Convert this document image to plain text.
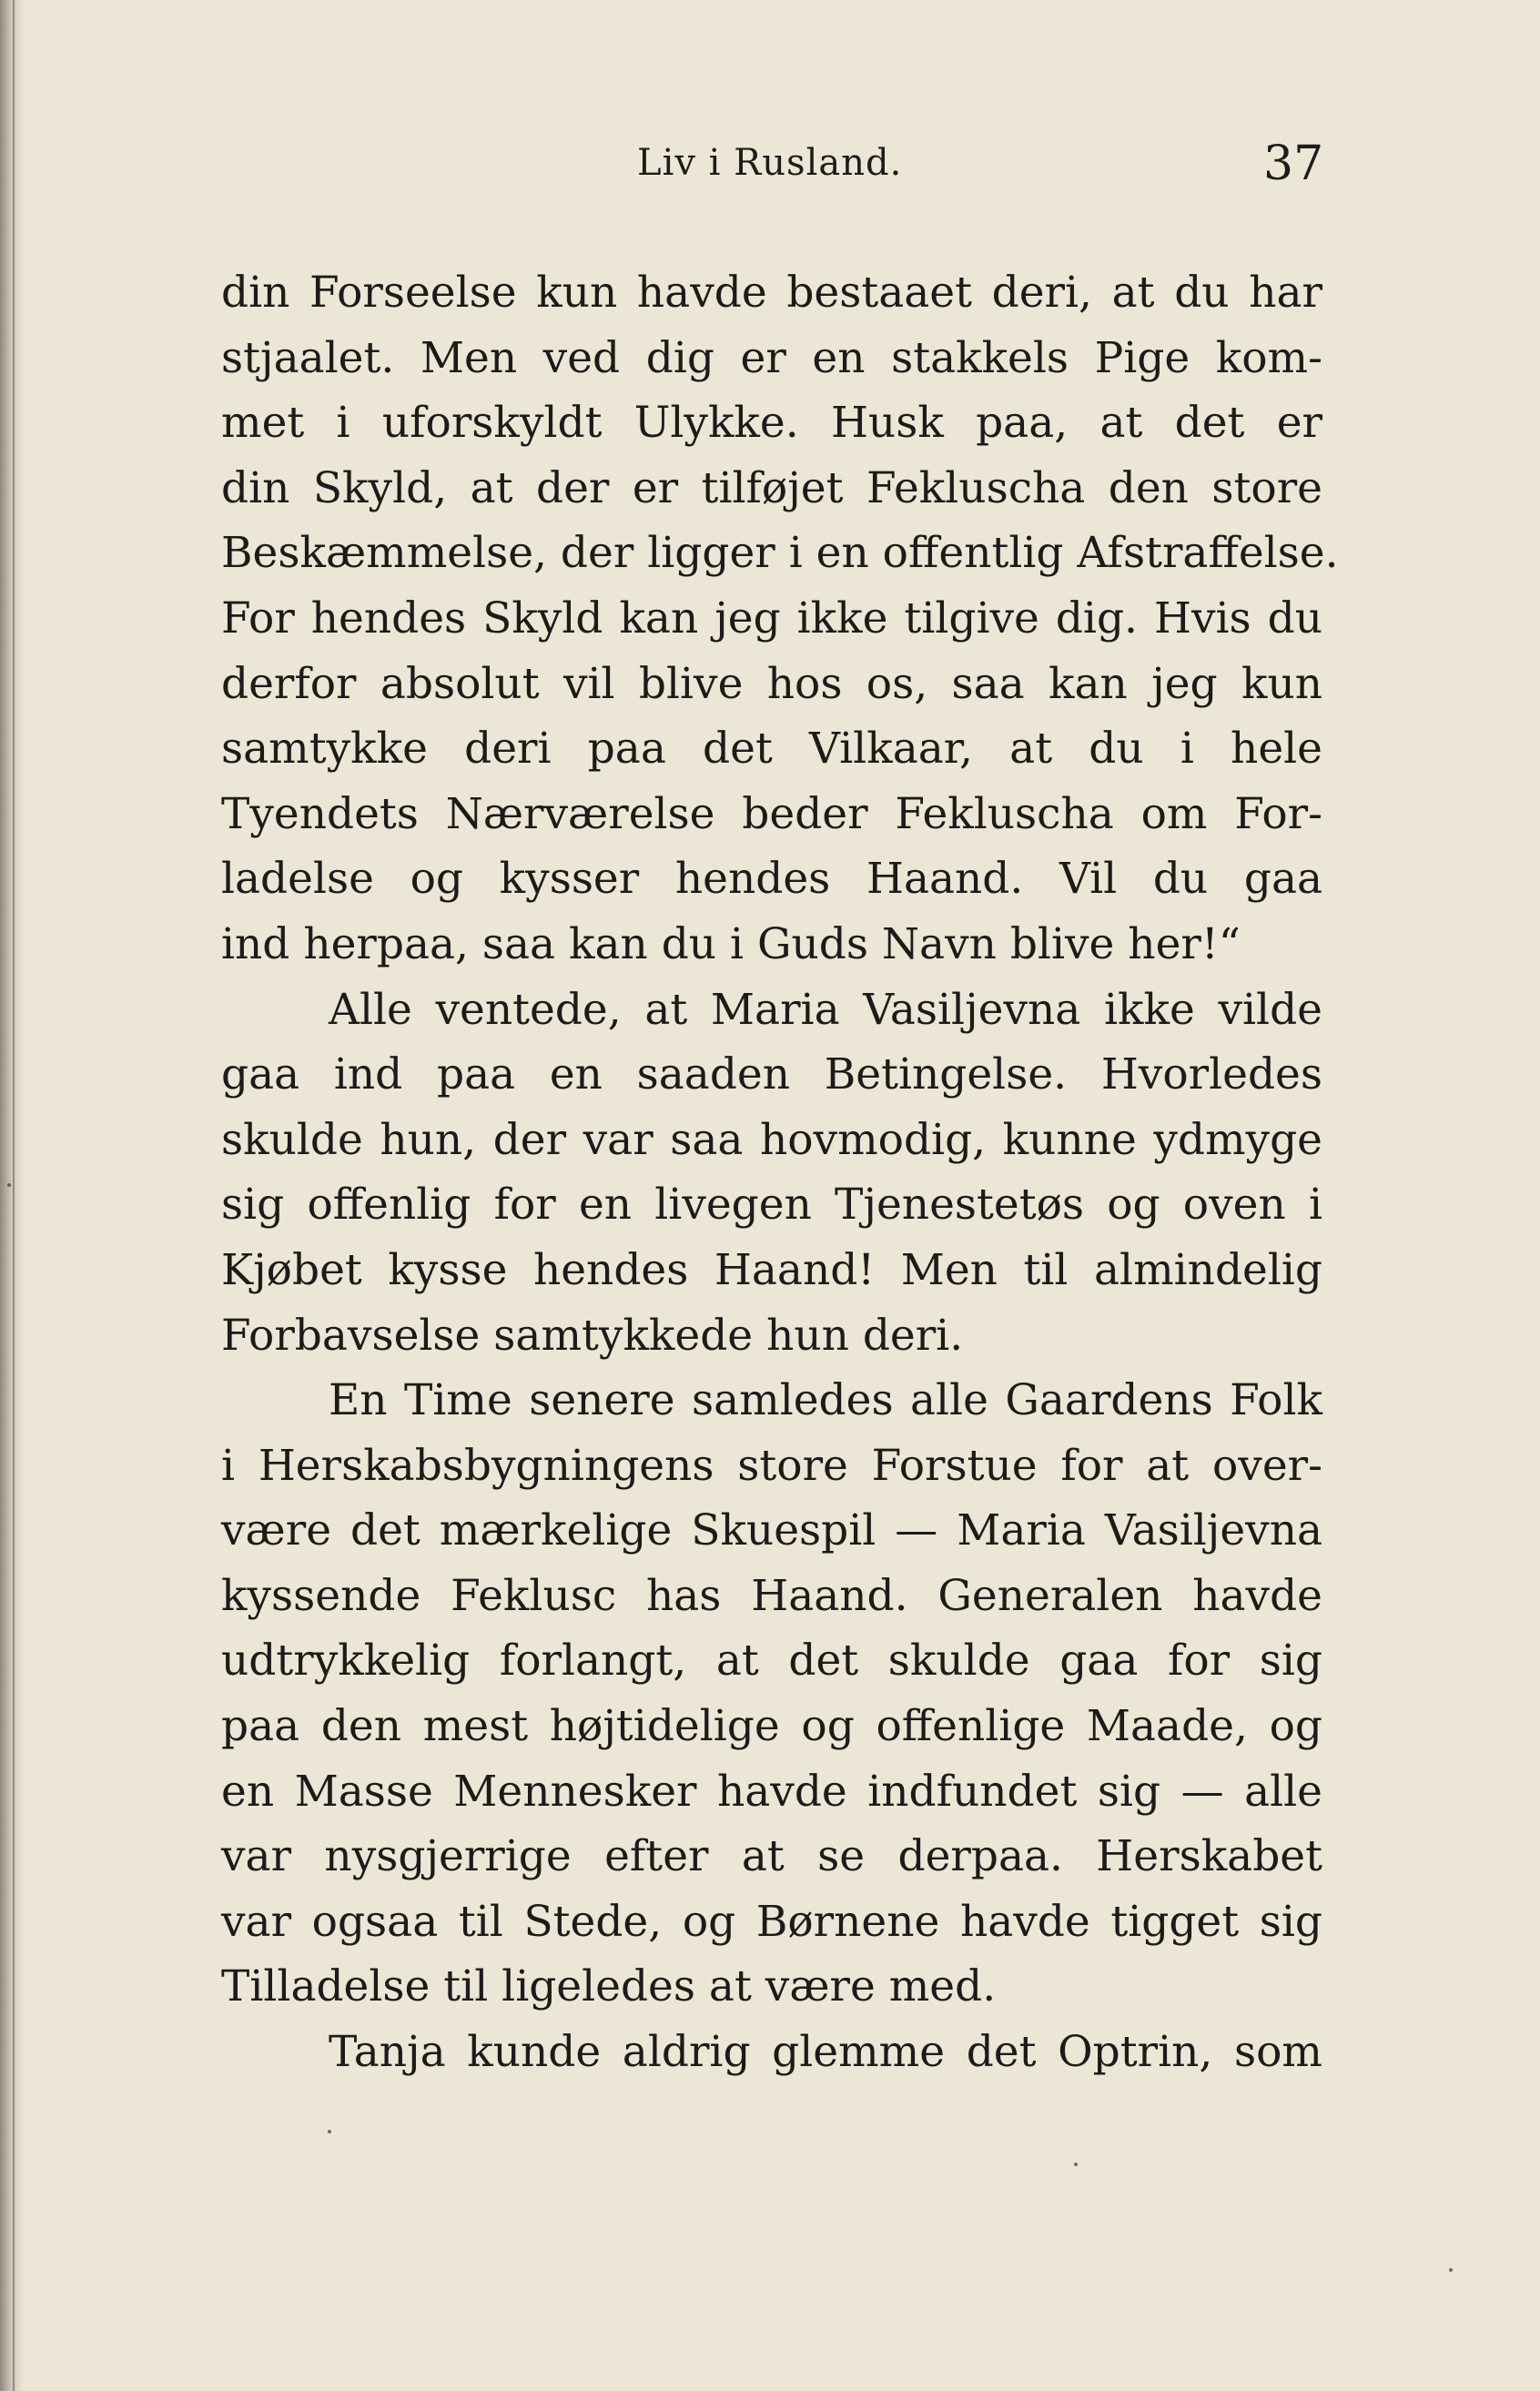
Liv i Rusland.	37
din Forseelse kun havde bestaaet deri, at du har
stjaalet. Men ved dig er en stakkels Pige kom-
met i uforskyldt Ulykke. Husk paa, at det er
din Skyld, at der er tilføjet Fekluscha den store
Beskæmmelse, der ligger i en offentlig Afstraffelse.
For hendes Skyld kan jeg ikke tilgive dig. Hvis du
derfor absolut vil blive hos os, saa kan jeg kun
samtykke deri paa det Vilkaar, at du i hele
Tyendets Nærværelse beder Fekluscha om For-
ladelse og kysser hendes Haand. Vil du gaa
ind herpaa, saa kan du i Guds Navn blive her!“
Alle ventede, at Maria Vasiljevna ikke vilde
gaa ind paa en saaden Betingelse. Hvorledes
skulde hun, der var saa hovmodig, kunne ydmyge
sig offenlig for en livegen Tjenestetøs og oven i
Kjøbet kysse hendes Haand! Men til almindelig
Forbavselse samtykkede hun deri.
En Time senere samledes alle Gaardens Folk
i Herskabsbygningens store Forstue for at over-
være det mærkelige Skuespil — Maria Vasiljevna
kyssende Feklusc has Haand. Generalen havde
udtrykkelig forlangt, at det skulde gaa for sig
paa den mest højtidelige og offenlige Maade, og
en Masse Mennesker havde indfundet sig — alle
var nysgjerrige efter at se derpaa. Herskabet
var ogsaa til Stede, og Børnene havde tigget sig
Tilladelse til ligeledes at være med.
Tanja kunde aldrig glemme det Optrin, som
